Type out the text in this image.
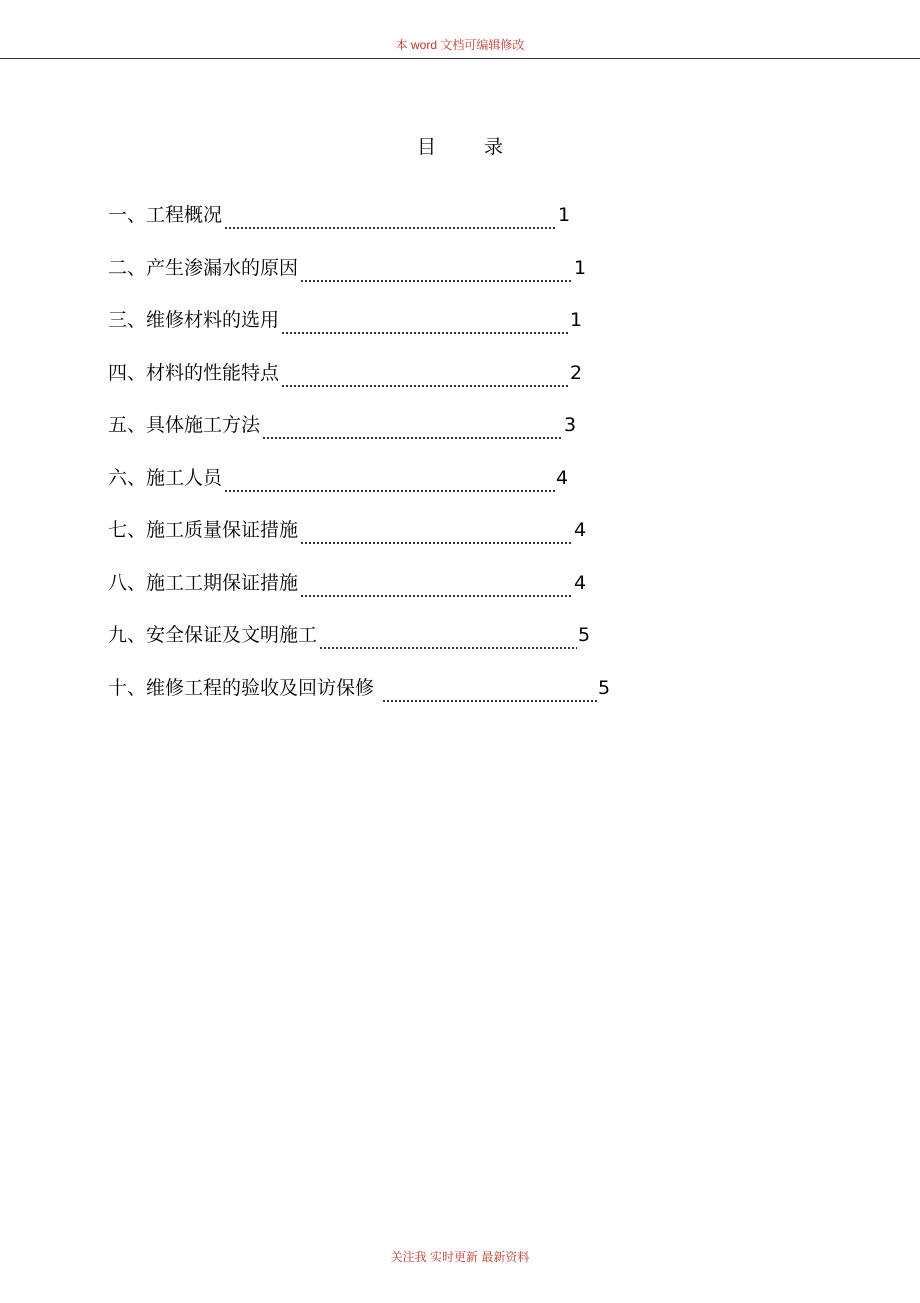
本 word 文档可编辑修改
目录
一、工程概况	1
二、产生渗漏水的原因	1
三、维修材料的选用	1
四、材料的性能特点	2
五、具体施工方法	3
六、施工人员	4
七、施工质量保证措施	4
八、施工工期保证措施	4
九、安全保证及文明施工	5
十、维修工程的验收及回访保修	5
关注我 实时更新 最新资料
